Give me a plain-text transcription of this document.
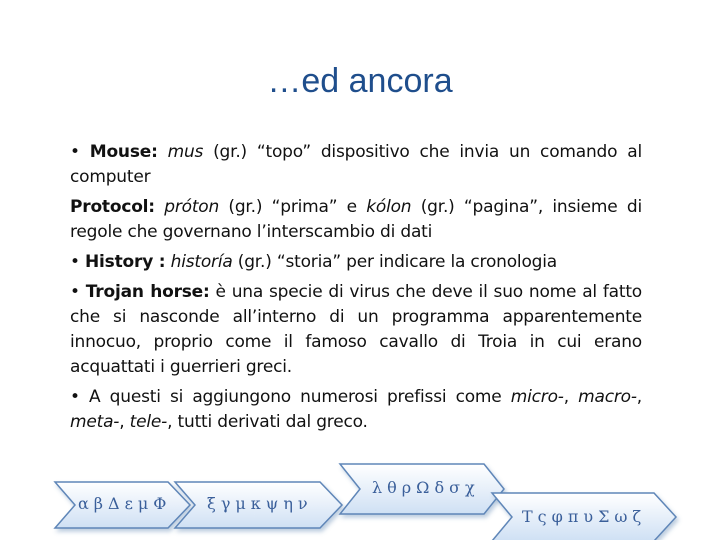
…ed ancora

• Mouse: mus (gr.) “topo” dispositivo che invia un comando al computer

Protocol: próton (gr.) “prima” e kólon (gr.) “pagina”, insieme di regole che governano l’interscambio di dati

• History : historía (gr.) “storia” per indicare la cronologia

• Trojan horse: è una specie di virus che deve il suo nome al fatto che si nasconde all’interno di un programma apparentemente innocuo, proprio come il famoso cavallo di Troia in cui erano acquattati i guerrieri greci.

• A questi si aggiungono numerosi prefissi come micro-, macro-, meta-, tele-, tutti derivati dal greco.

αβΔεμΦ ξγμκψην
λθρΩδσχ
ΤςφπυΣωζ
